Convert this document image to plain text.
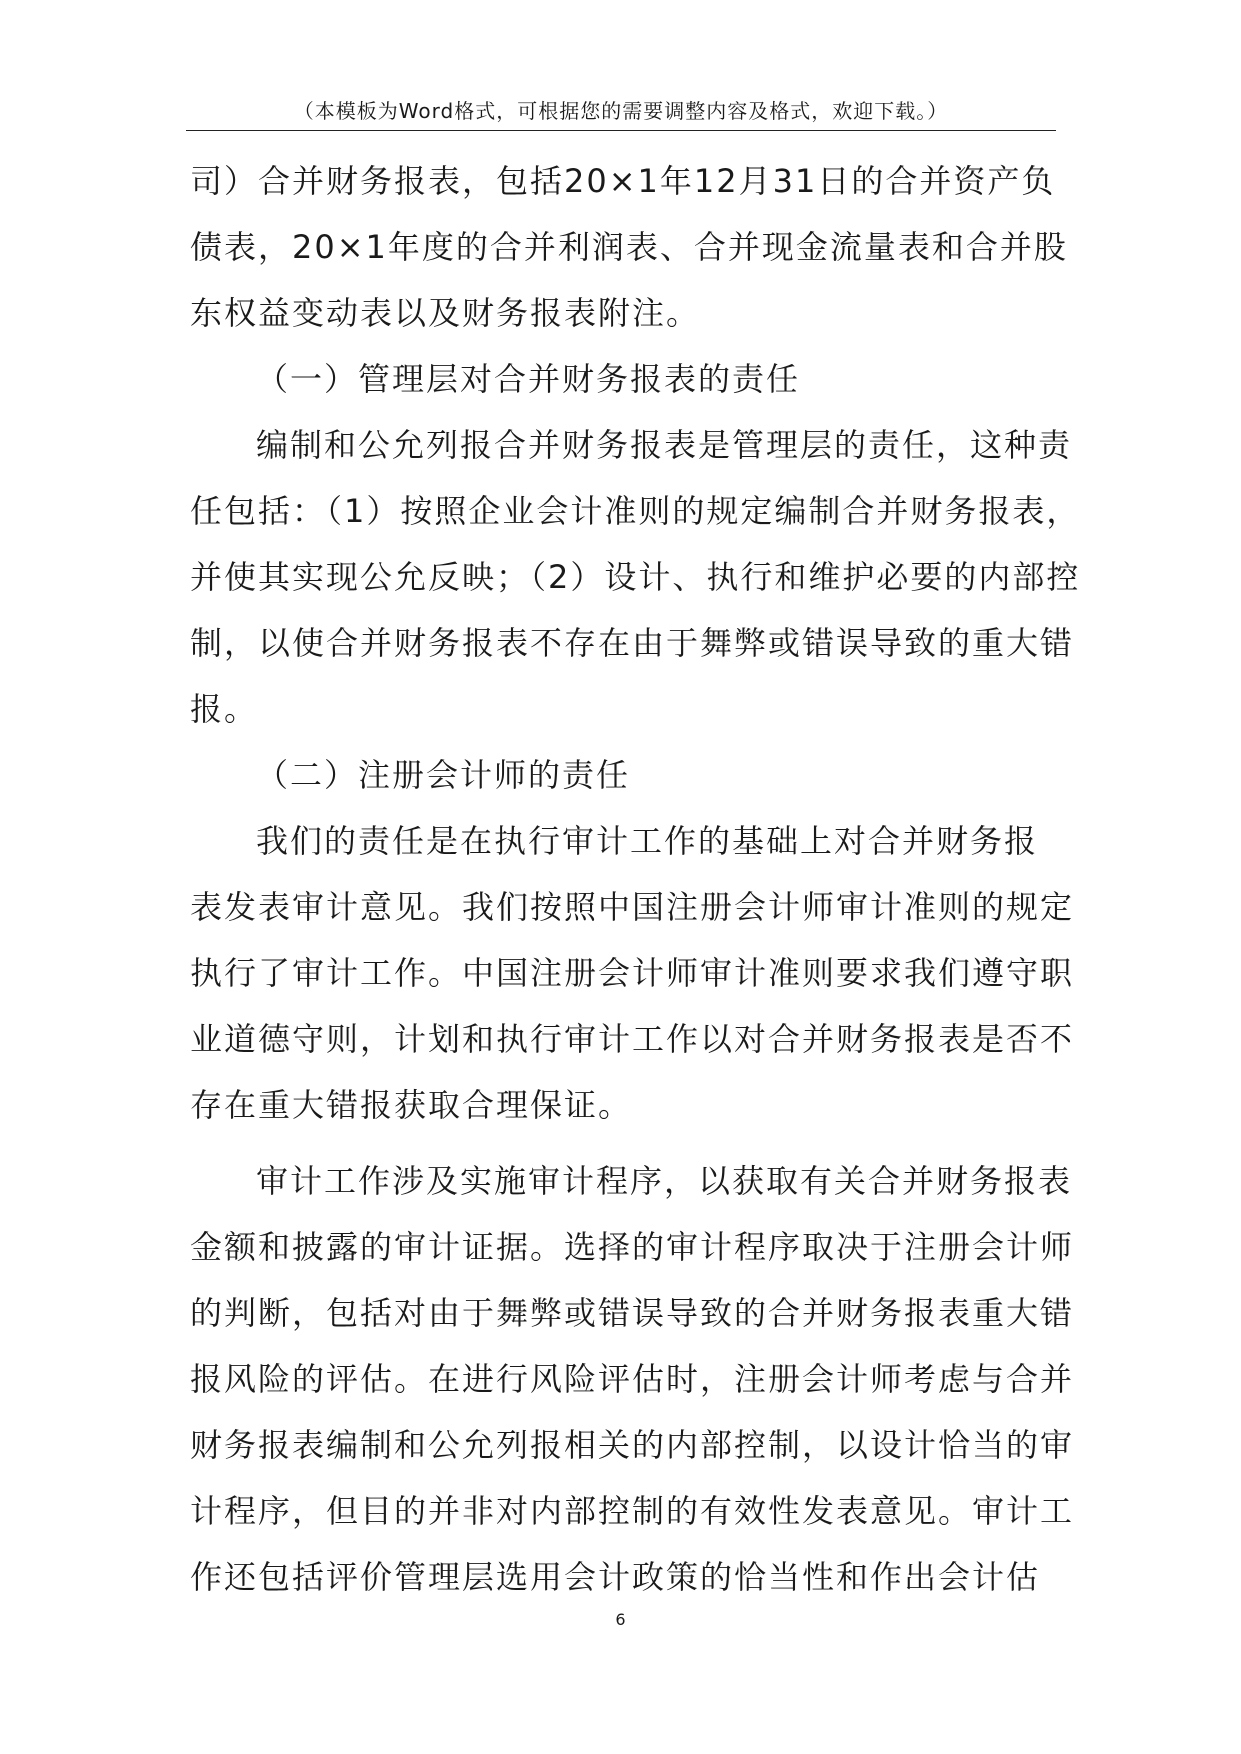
（本模板为Word格式，可根据您的需要调整内容及格式，欢迎下载。）
司）合并财务报表，包括20×1年12月31日的合并资产负
债表，20×1年度的合并利润表、合并现金流量表和合并股
东权益变动表以及财务报表附注。
（一）管理层对合并财务报表的责任
编制和公允列报合并财务报表是管理层的责任，这种责
任包括：（1）按照企业会计准则的规定编制合并财务报表，
并使其实现公允反映；（2）设计、执行和维护必要的内部控
制，以使合并财务报表不存在由于舞弊或错误导致的重大错
报。
（二）注册会计师的责任
我们的责任是在执行审计工作的基础上对合并财务报
表发表审计意见。我们按照中国注册会计师审计准则的规定
执行了审计工作。中国注册会计师审计准则要求我们遵守职
业道德守则，计划和执行审计工作以对合并财务报表是否不
存在重大错报获取合理保证。
审计工作涉及实施审计程序，以获取有关合并财务报表
金额和披露的审计证据。选择的审计程序取决于注册会计师
的判断，包括对由于舞弊或错误导致的合并财务报表重大错
报风险的评估。在进行风险评估时，注册会计师考虑与合并
财务报表编制和公允列报相关的内部控制，以设计恰当的审
计程序，但目的并非对内部控制的有效性发表意见。审计工
作还包括评价管理层选用会计政策的恰当性和作出会计估
6
